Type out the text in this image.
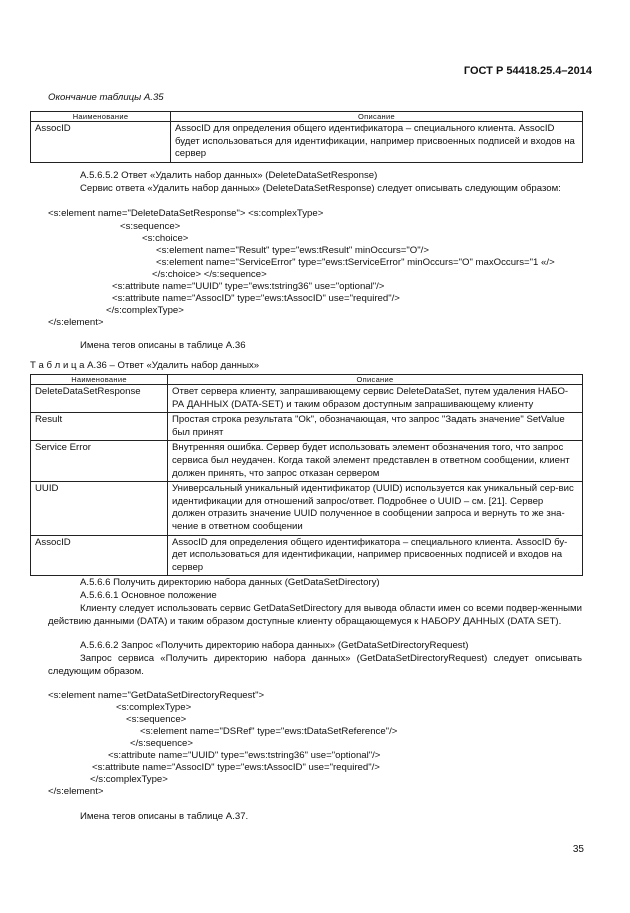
ГОСТ Р 54418.25.4–2014
Окончание таблицы А.35
Наименование	Описание
AssocID	AssocID для определения общего идентификатора – специального клиента. AssocID будет использоваться для идентификации, например присвоенных подписей и входов на сервер
А.5.6.5.2 Ответ «Удалить набор данных» (DeleteDataSetResponse)
Сервис ответа «Удалить набор данных» (DeleteDataSetResponse) следует описывать следующим образом:
<s:element name="DeleteDataSetResponse"> <s:complexType>
<s:sequence>
<s:choice>
<s:element name="Result" type="ews:tResult" minOccurs="O"/>
<s:element name="ServiceError" type="ews:tServiceError" minOccurs="O" maxOccurs="1 «/>
</s:choice> </s:sequence>
<s:attribute name="UUID" type="ews:tstring36" use="optional"/>
<s:attribute name="AssocID" type="ews:tAssocID" use="required"/>
</s:complexType>
</s:element>
Имена тегов описаны в таблице А.36
Т а б л и ц а А.36 – Ответ «Удалить набор данных»
Наименование	Описание
DeleteDataSetResponse	Ответ сервера клиенту, запрашивающему сервис DeleteDataSet, путем удаления НАБО-РА ДАННЫХ (DATA-SET) и таким образом доступным запрашивающему клиенту
Result	Простая строка результата "Ok", обозначающая, что запрос "Задать значение" SetValue был принят
Service Error	Внутренняя ошибка. Сервер будет использовать элемент обозначения того, что запрос сервиса был неудачен. Когда такой элемент представлен в ответном сообщении, клиент должен принять, что запрос отказан сервером
UUID	Универсальный уникальный идентификатор (UUID) используется как уникальный сер-вис идентификации для отношений запрос/ответ. Подробнее о UUID – см. [21]. Сервер должен отразить значение UUID полученное в сообщении запроса и вернуть то же зна-чение в ответном сообщении
AssocID	AssocID для определения общего идентификатора – специального клиента. AssocID бу-дет использоваться для идентификации, например присвоенных подписей и входов на сервер
А.5.6.6 Получить директорию набора данных (GetDataSetDirectory)
А.5.6.6.1 Основное положение
Клиенту следует использовать сервис GetDataSetDirectory для вывода области имен со всеми подвер-женными действию данными (DATA) и таким образом доступные клиенту обращающемуся к НАБОРУ ДАННЫХ (DATA SET).
А.5.6.6.2 Запрос «Получить директорию набора данных» (GetDataSetDirectoryRequest)
Запрос сервиса «Получить директорию набора данных» (GetDataSetDirectoryRequest) следует описывать следующим образом.
<s:element name="GetDataSetDirectoryRequest">
<s:complexType>
<s:sequence>
<s:element name="DSRef" type="ews:tDataSetReference"/>
</s:sequence>
<s:attribute name="UUID" type="ews:tstring36" use="optional"/>
<s:attribute name="AssocID" type="ews:tAssocID" use="required"/>
</s:complexType>
</s:element>
Имена тегов описаны в таблице А.37.
35
